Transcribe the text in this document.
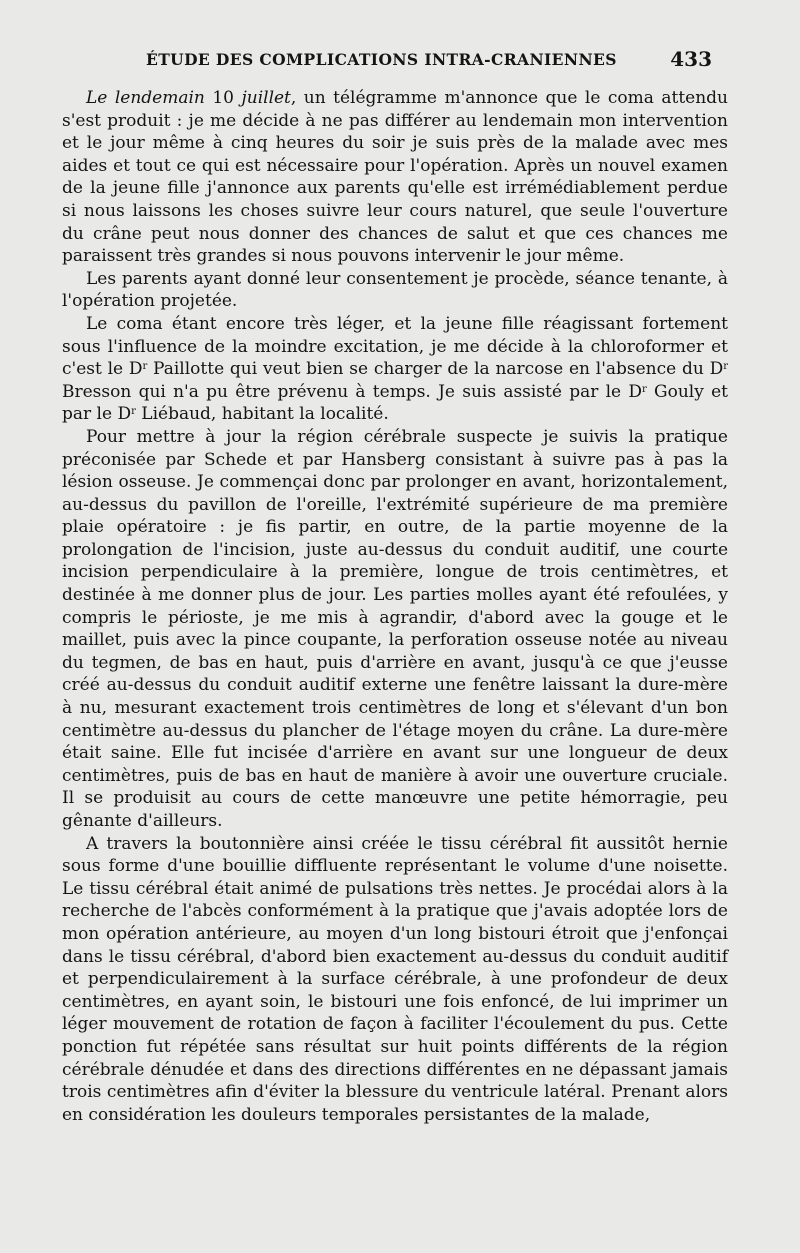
ÉTUDE DES COMPLICATIONS INTRA-CRANIENNES	433

Le lendemain 10 juillet, un télégramme m'annonce que le coma attendu s'est produit : je me décide à ne pas différer au lendemain mon intervention et le jour même à cinq heures du soir je suis près de la malade avec mes aides et tout ce qui est nécessaire pour l'opération. Après un nouvel examen de la jeune fille j'annonce aux parents qu'elle est irrémédiablement perdue si nous laissons les choses suivre leur cours naturel, que seule l'ouverture du crâne peut nous donner des chances de salut et que ces chances me paraissent très grandes si nous pouvons intervenir le jour même.

Les parents ayant donné leur consentement je procède, séance tenante, à l'opération projetée.

Le coma étant encore très léger, et la jeune fille réagissant fortement sous l'influence de la moindre excitation, je me décide à la chloroformer et c'est le $D^r$ Paillotte qui veut bien se charger de la narcose en l'absence du $D^r$ Bresson qui n'a pu être prévenu à temps. Je suis assisté par le $D^r$ Gouly et par le $D^r$ Liébaud, habitant la localité.

Pour mettre à jour la région cérébrale suspecte je suivis la pratique préconisée par Schede et par Hansberg consistant à suivre pas à pas la lésion osseuse. Je commençai donc par prolonger en avant, horizontalement, au-dessus du pavillon de l'oreille, l'extrémité supérieure de ma première plaie opératoire : je fis partir, en outre, de la partie moyenne de la prolongation de l'incision, juste au-dessus du conduit auditif, une courte incision perpendiculaire à la première, longue de trois centimètres, et destinée à me donner plus de jour. Les parties molles ayant été refoulées, y compris le périoste, je me mis à agrandir, d'abord avec la gouge et le maillet, puis avec la pince coupante, la perforation osseuse notée au niveau du tegmen, de bas en haut, puis d'arrière en avant, jusqu'à ce que j'eusse créé au-dessus du conduit auditif externe une fenêtre laissant la dure-mère à nu, mesurant exactement trois centimètres de long et s'élevant d'un bon centimètre au-dessus du plancher de l'étage moyen du crâne. La dure-mère était saine. Elle fut incisée d'arrière en avant sur une longueur de deux centimètres, puis de bas en haut de manière à avoir une ouverture cruciale. Il se produisit au cours de cette manœuvre une petite hémorragie, peu gênante d'ailleurs.

A travers la boutonnière ainsi créée le tissu cérébral fit aussitôt hernie sous forme d'une bouillie diffluente représentant le volume d'une noisette. Le tissu cérébral était animé de pulsations très nettes. Je procédai alors à la recherche de l'abcès conformément à la pratique que j'avais adoptée lors de mon opération antérieure, au moyen d'un long bistouri étroit que j'enfonçai dans le tissu cérébral, d'abord bien exactement au-dessus du conduit auditif et perpendiculairement à la surface cérébrale, à une profondeur de deux centimètres, en ayant soin, le bistouri une fois enfoncé, de lui imprimer un léger mouvement de rotation de façon à faciliter l'écoulement du pus. Cette ponction fut répétée sans résultat sur huit points différents de la région cérébrale dénudée et dans des directions différentes en ne dépassant jamais trois centimètres afin d'éviter la blessure du ventricule latéral. Prenant alors en considération les douleurs temporales persistantes de la malade,
